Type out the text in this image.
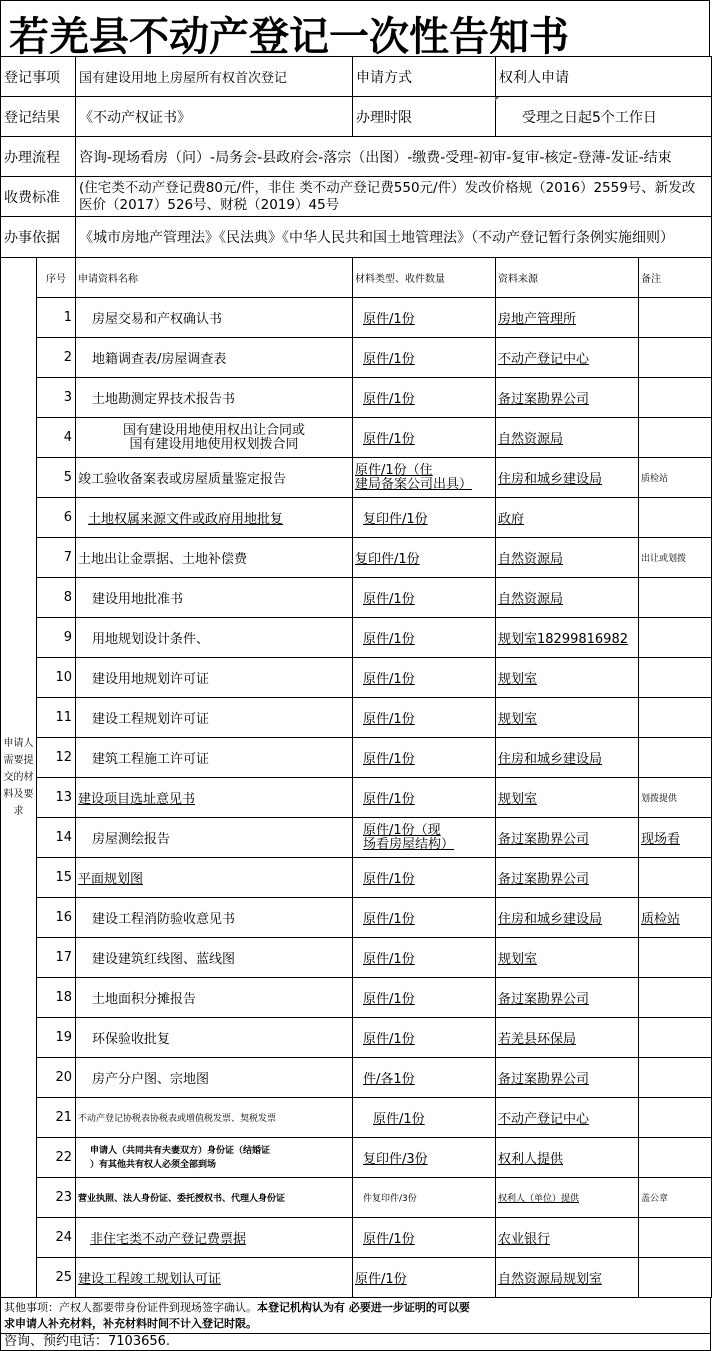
若羌县不动产登记一次性告知书
登记事项	国有建设用地上房屋所有权首次登记	申请方式	权利人申请
登记结果	《不动产权证书》	办理时限	受理之日起5个工作日
办理流程	咨询-现场看房（问）-局务会-县政府会-落宗（出图）-缴费-受理-初审-复审-核定-登薄-发证-结束		
收费标准	(住宅类不动产登记费80元/件，非住 类不动产登记费550元/件）发改价格规（2016）2559号、新发改
医价（2017）526号、财税（2019）45号		

办事依据	《城市房地产管理法》《民法典》《中华人民共和国土地管理法》（不动产登记暂行条例实施细则）		
申请人需要提交的材料及要求	序号	申请资料名称	材料类型、收件数量	资料来源	备注
	1	房屋交易和产权确认书	原件/1份	房地产管理所	
	2	地籍调查表/房屋调查表	原件/1份	不动产登记中心	
	3	土地勘测定界技术报告书	原件/1份	备过案勘界公司	
	4	国有建设用地使用权出让合同或
国有建设用地使用权划拨合同	原件/1份	自然资源局	
	5	竣工验收备案表或房屋质量鉴定报告	原件/1份（住
建局备案公司出具）	住房和城乡建设局	质检站
	6	土地权属来源文件或政府用地批复	复印件/1份	政府	
	7	土地出让金票据、土地补偿费	复印件/1份	自然资源局	出让或划拨
	8	建设用地批准书	原件/1份	自然资源局	
	9	用地规划设计条件、	原件/1份	规划室18299816982	
	10	建设用地规划许可证	原件/1份	规划室	
	11	建设工程规划许可证	原件/1份	规划室	
	12	建筑工程施工许可证	原件/1份	住房和城乡建设局	
	13	建设项目选址意见书	原件/1份	规划室	划拨提供
	14	房屋测绘报告	原件/1份（现
场看房屋结构）	备过案勘界公司	现场看
	15	平面规划图	原件/1份	备过案勘界公司	
	16	建设工程消防验收意见书	原件/1份	住房和城乡建设局	质检站
	17	建设建筑红线图、蓝线图	原件/1份	规划室	
	18	土地面积分摊报告	原件/1份	备过案勘界公司	
	19	环保验收批复	原件/1份	若羌县环保局	
	20	房产分户图、宗地图	件/各1份	备过案勘界公司	
	21	不动产登记协税表协税表或增值税发票、契税发票	原件/1份	不动产登记中心	
	22	申请人（共同共有夫妻双方）身份证（结婚证
）有其他共有权人必须全部到场	复印件/3份	权利人提供	
	23	营业执照、法人身份证、委托授权书、代理人身份证	件复印件/3份	权利人（单位）提供	盖公章
	24	非住宅类不动产登记费票据	原件/1份	农业银行	
	25	建设工程竣工规划认可证	原件/1份	自然资源局规划室	
其他事项：产权人都要带身份证件到现场签字确认。本登记机构认为有 必要进一步证明的可以要
求申请人补充材料，补充材料时间不计入登记时限。
咨询、预约电话：7103656.
